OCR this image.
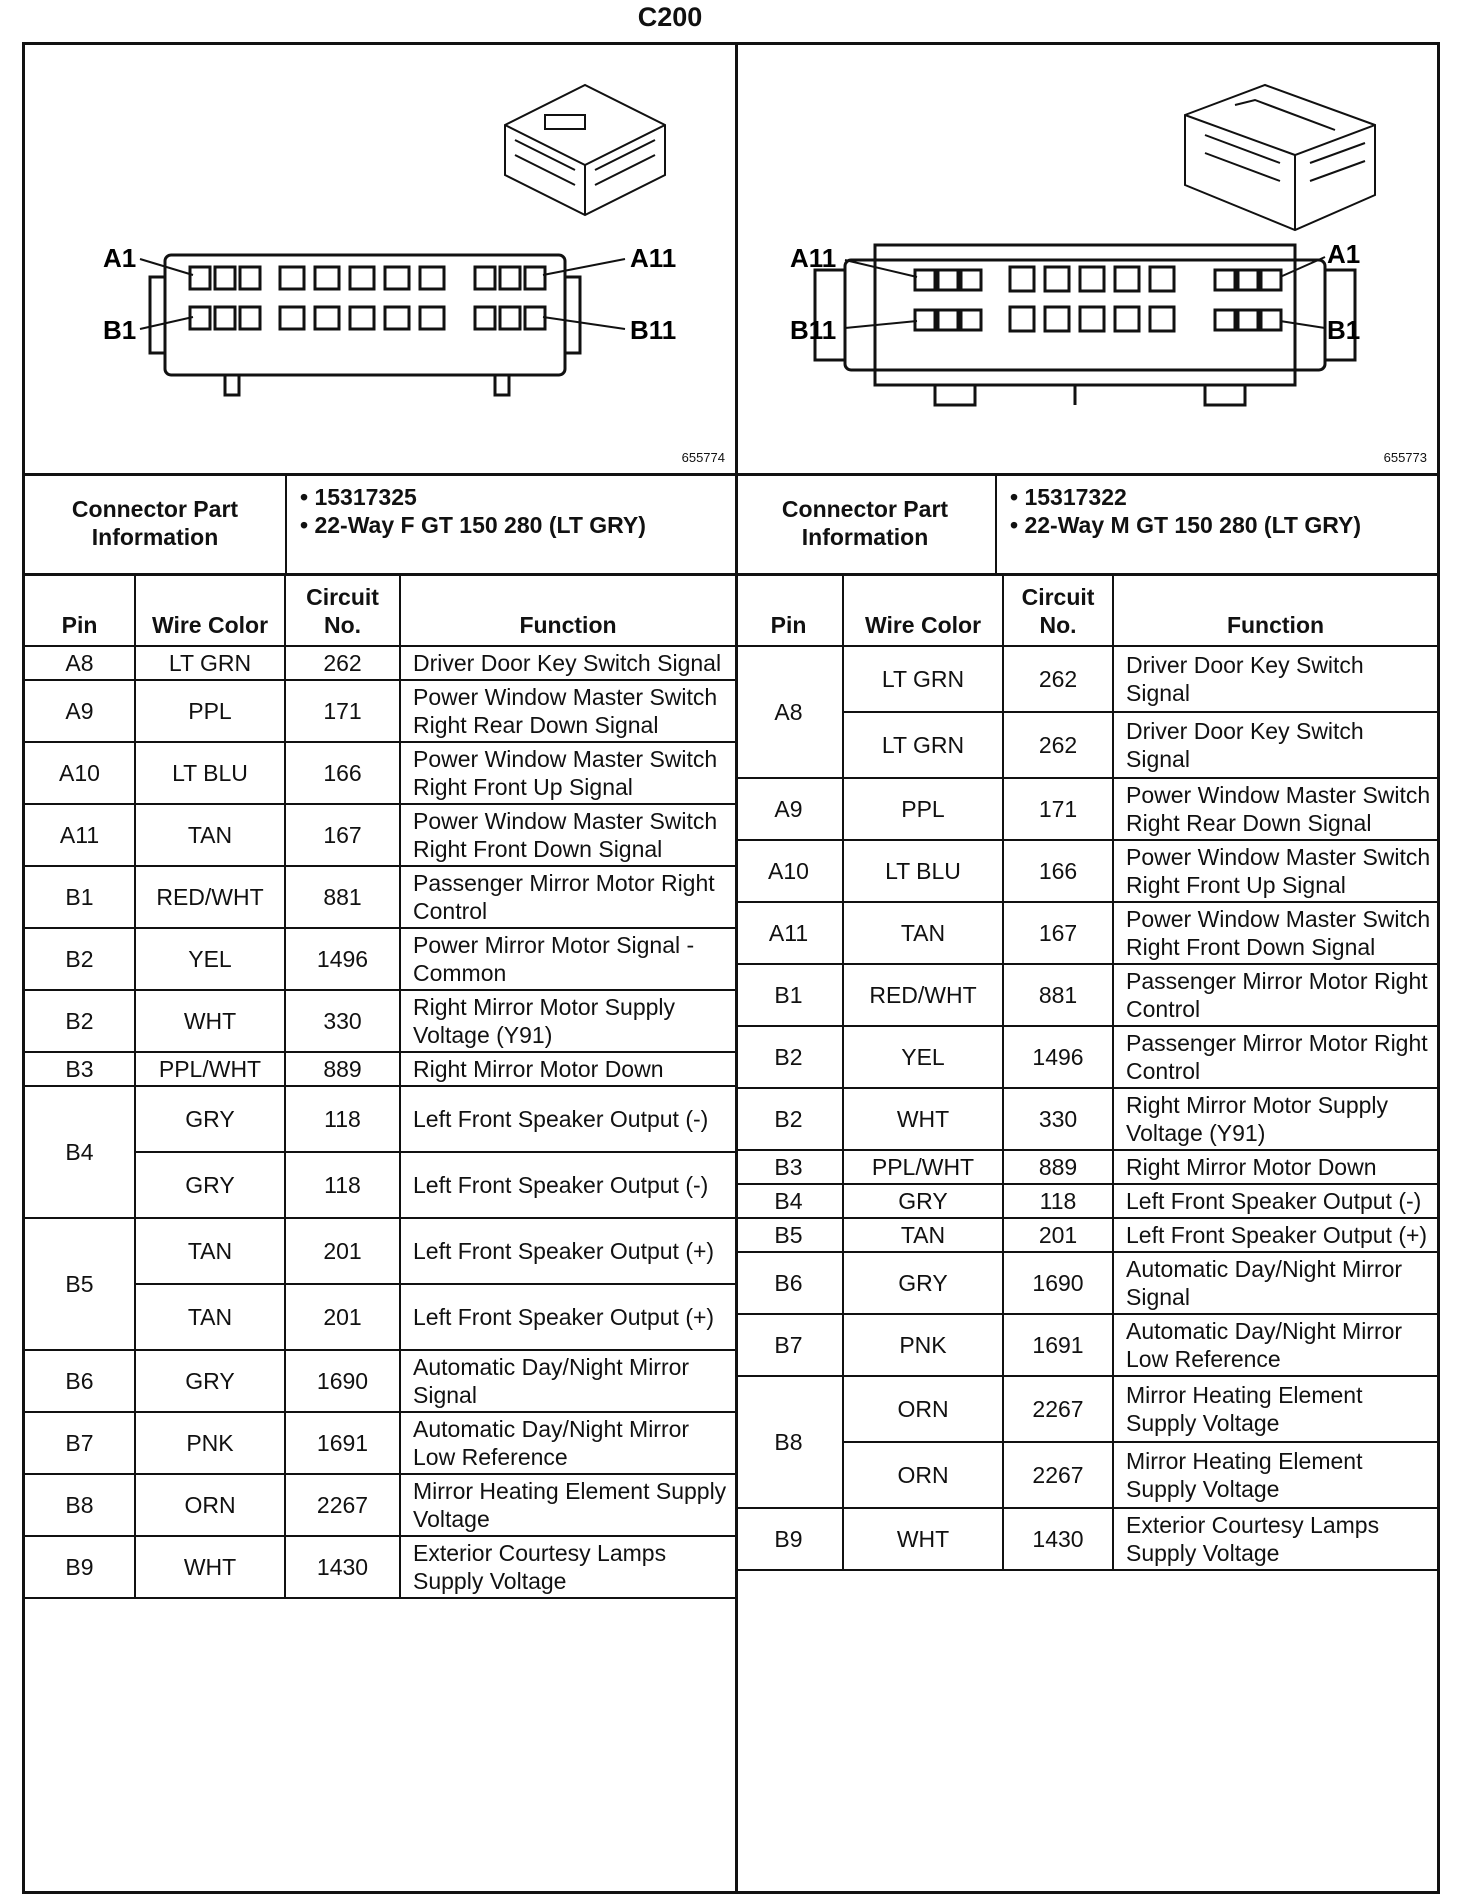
C200
A1	A11
B1	B11
655774
Connector Part Information
• 15317325
• 22-Way F GT 150 280 (LT GRY)
Pin	Wire Color	Circuit No.	Function
A8	LT GRN	262	Driver Door Key Switch Signal
A9	PPL	171	Power Window Master Switch Right Rear Down Signal
A10	LT BLU	166	Power Window Master Switch Right Front Up Signal
A11	TAN	167	Power Window Master Switch Right Front Down Signal
B1	RED/WHT	881	Passenger Mirror Motor Right Control
B2	YEL	1496	Power Mirror Motor Signal - Common
B2	WHT	330	Right Mirror Motor Supply Voltage (Y91)
B3	PPL/WHT	889	Right Mirror Motor Down
B4	GRY	118	Left Front Speaker Output (-)
	GRY	118	Left Front Speaker Output (-)
B5	TAN	201	Left Front Speaker Output (+)
	TAN	201	Left Front Speaker Output (+)
B6	GRY	1690	Automatic Day/Night Mirror Signal
B7	PNK	1691	Automatic Day/Night Mirror Low Reference
B8	ORN	2267	Mirror Heating Element Supply Voltage
B9	WHT	1430	Exterior Courtesy Lamps Supply Voltage
A11	A1
B11	B1
655773
Connector Part Information
• 15317322
• 22-Way M GT 150 280 (LT GRY)
Pin	Wire Color	Circuit No.	Function
A8	LT GRN	262	Driver Door Key Switch Signal
	LT GRN	262	Driver Door Key Switch Signal
A9	PPL	171	Power Window Master Switch Right Rear Down Signal
A10	LT BLU	166	Power Window Master Switch Right Front Up Signal
A11	TAN	167	Power Window Master Switch Right Front Down Signal
B1	RED/WHT	881	Passenger Mirror Motor Right Control
B2	YEL	1496	Passenger Mirror Motor Right Control
B2	WHT	330	Right Mirror Motor Supply Voltage (Y91)
B3	PPL/WHT	889	Right Mirror Motor Down
B4	GRY	118	Left Front Speaker Output (-)
B5	TAN	201	Left Front Speaker Output (+)
B6	GRY	1690	Automatic Day/Night Mirror Signal
B7	PNK	1691	Automatic Day/Night Mirror Low Reference
B8	ORN	2267	Mirror Heating Element Supply Voltage
	ORN	2267	Mirror Heating Element Supply Voltage
B9	WHT	1430	Exterior Courtesy Lamps Supply Voltage
